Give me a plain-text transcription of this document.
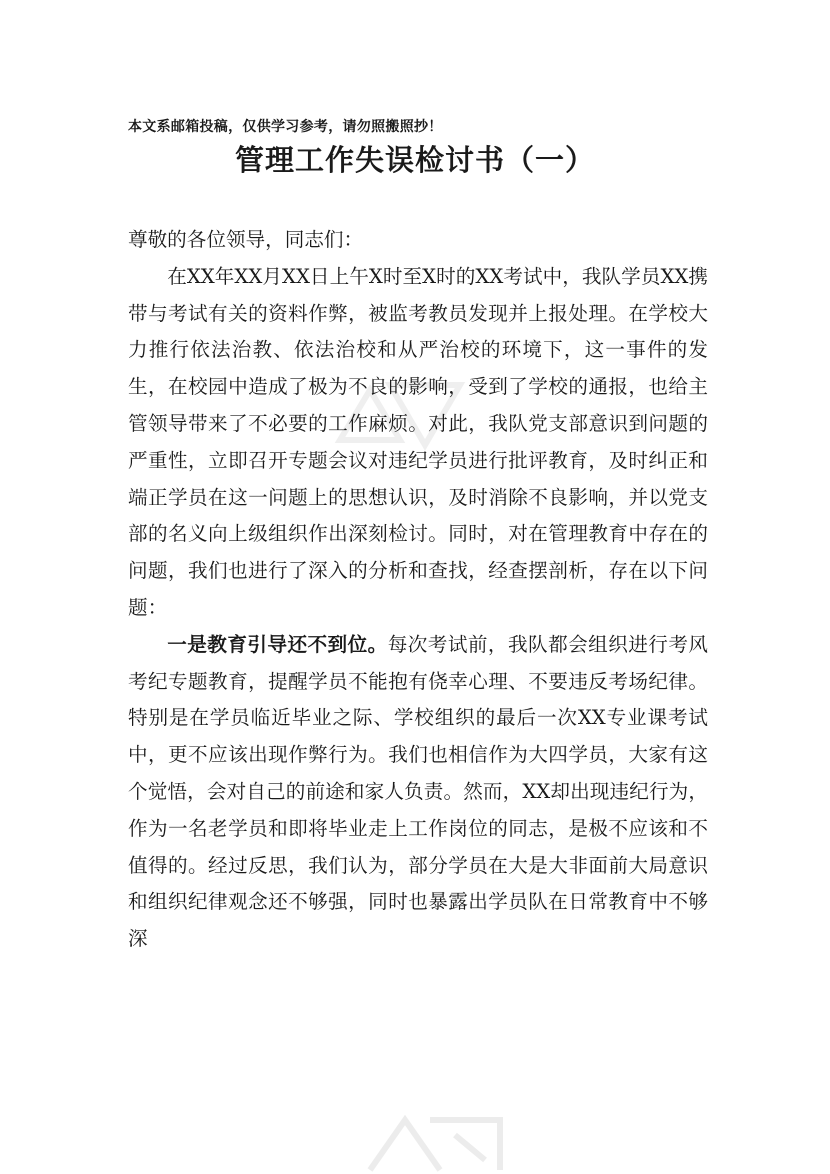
本文系邮箱投稿，仅供学习参考，请勿照搬照抄！
管理工作失误检讨书（一）

尊敬的各位领导，同志们：

在XX年XX月XX日上午X时至X时的XX考试中，我队学员XX携带与考试有关的资料作弊，被监考教员发现并上报处理。在学校大力推行依法治教、依法治校和从严治校的环境下，这一事件的发生，在校园中造成了极为不良的影响，受到了学校的通报，也给主管领导带来了不必要的工作麻烦。对此，我队党支部意识到问题的严重性，立即召开专题会议对违纪学员进行批评教育，及时纠正和端正学员在这一问题上的思想认识，及时消除不良影响，并以党支部的名义向上级组织作出深刻检讨。同时，对在管理教育中存在的问题，我们也进行了深入的分析和查找，经查摆剖析，存在以下问题：

一是教育引导还不到位。每次考试前，我队都会组织进行考风考纪专题教育，提醒学员不能抱有侥幸心理、不要违反考场纪律。特别是在学员临近毕业之际、学校组织的最后一次XX专业课考试中，更不应该出现作弊行为。我们也相信作为大四学员，大家有这个觉悟，会对自己的前途和家人负责。然而，XX却出现违纪行为，作为一名老学员和即将毕业走上工作岗位的同志，是极不应该和不值得的。经过反思，我们认为，部分学员在大是大非面前大局意识和组织纪律观念还不够强，同时也暴露出学员队在日常教育中不够深
